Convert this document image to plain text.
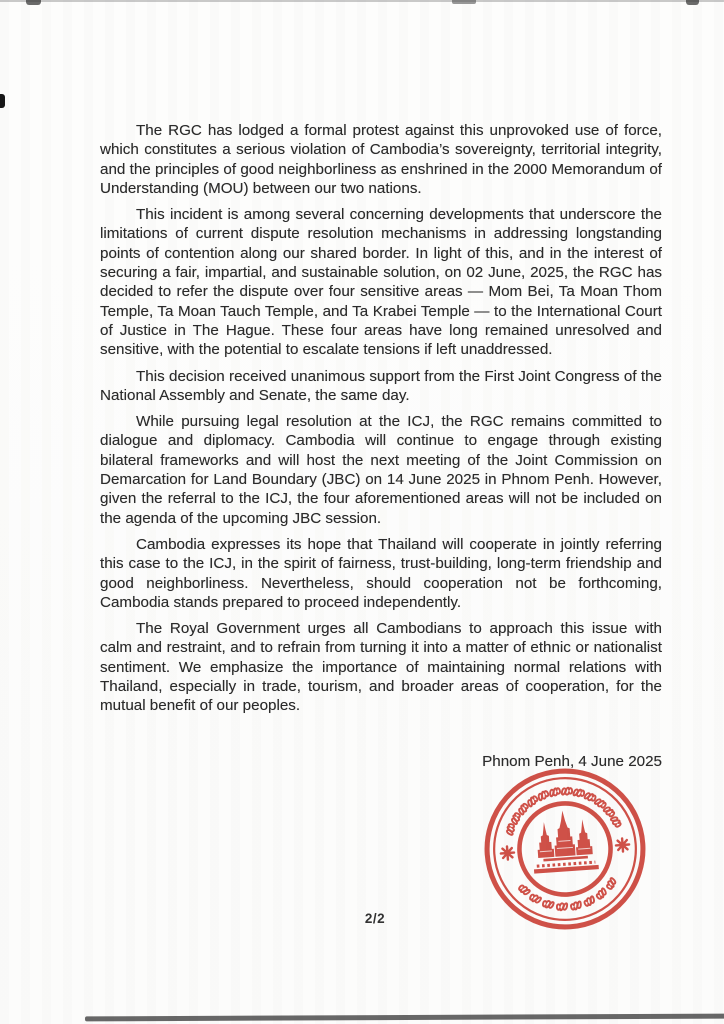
The RGC has lodged a formal protest against this unprovoked use of force, which constitutes a serious violation of Cambodia’s sovereignty, territorial integrity, and the principles of good neighborliness as enshrined in the 2000 Memorandum of Understanding (MOU) between our two nations.

This incident is among several concerning developments that underscore the limitations of current dispute resolution mechanisms in addressing longstanding points of contention along our shared border. In light of this, and in the interest of securing a fair, impartial, and sustainable solution, on 02 June, 2025, the RGC has decided to refer the dispute over four sensitive areas — Mom Bei, Ta Moan Thom Temple, Ta Moan Tauch Temple, and Ta Krabei Temple — to the International Court of Justice in The Hague. These four areas have long remained unresolved and sensitive, with the potential to escalate tensions if left unaddressed.

This decision received unanimous support from the First Joint Congress of the National Assembly and Senate, the same day.

While pursuing legal resolution at the ICJ, the RGC remains committed to dialogue and diplomacy. Cambodia will continue to engage through existing bilateral frameworks and will host the next meeting of the Joint Commission on Demarcation for Land Boundary (JBC) on 14 June 2025 in Phnom Penh. However, given the referral to the ICJ, the four aforementioned areas will not be included on the agenda of the upcoming JBC session.

Cambodia expresses its hope that Thailand will cooperate in jointly referring this case to the ICJ, in the spirit of fairness, trust-building, long-term friendship and good neighborliness. Nevertheless, should cooperation not be forthcoming, Cambodia stands prepared to proceed independently.

The Royal Government urges all Cambodians to approach this issue with calm and restraint, and to refrain from turning it into a matter of ethnic or nationalist sentiment. We emphasize the importance of maintaining normal relations with Thailand, especially in trade, tourism, and broader areas of cooperation, for the mutual benefit of our peoples.

Phnom Penh, 4 June 2025
2/2
